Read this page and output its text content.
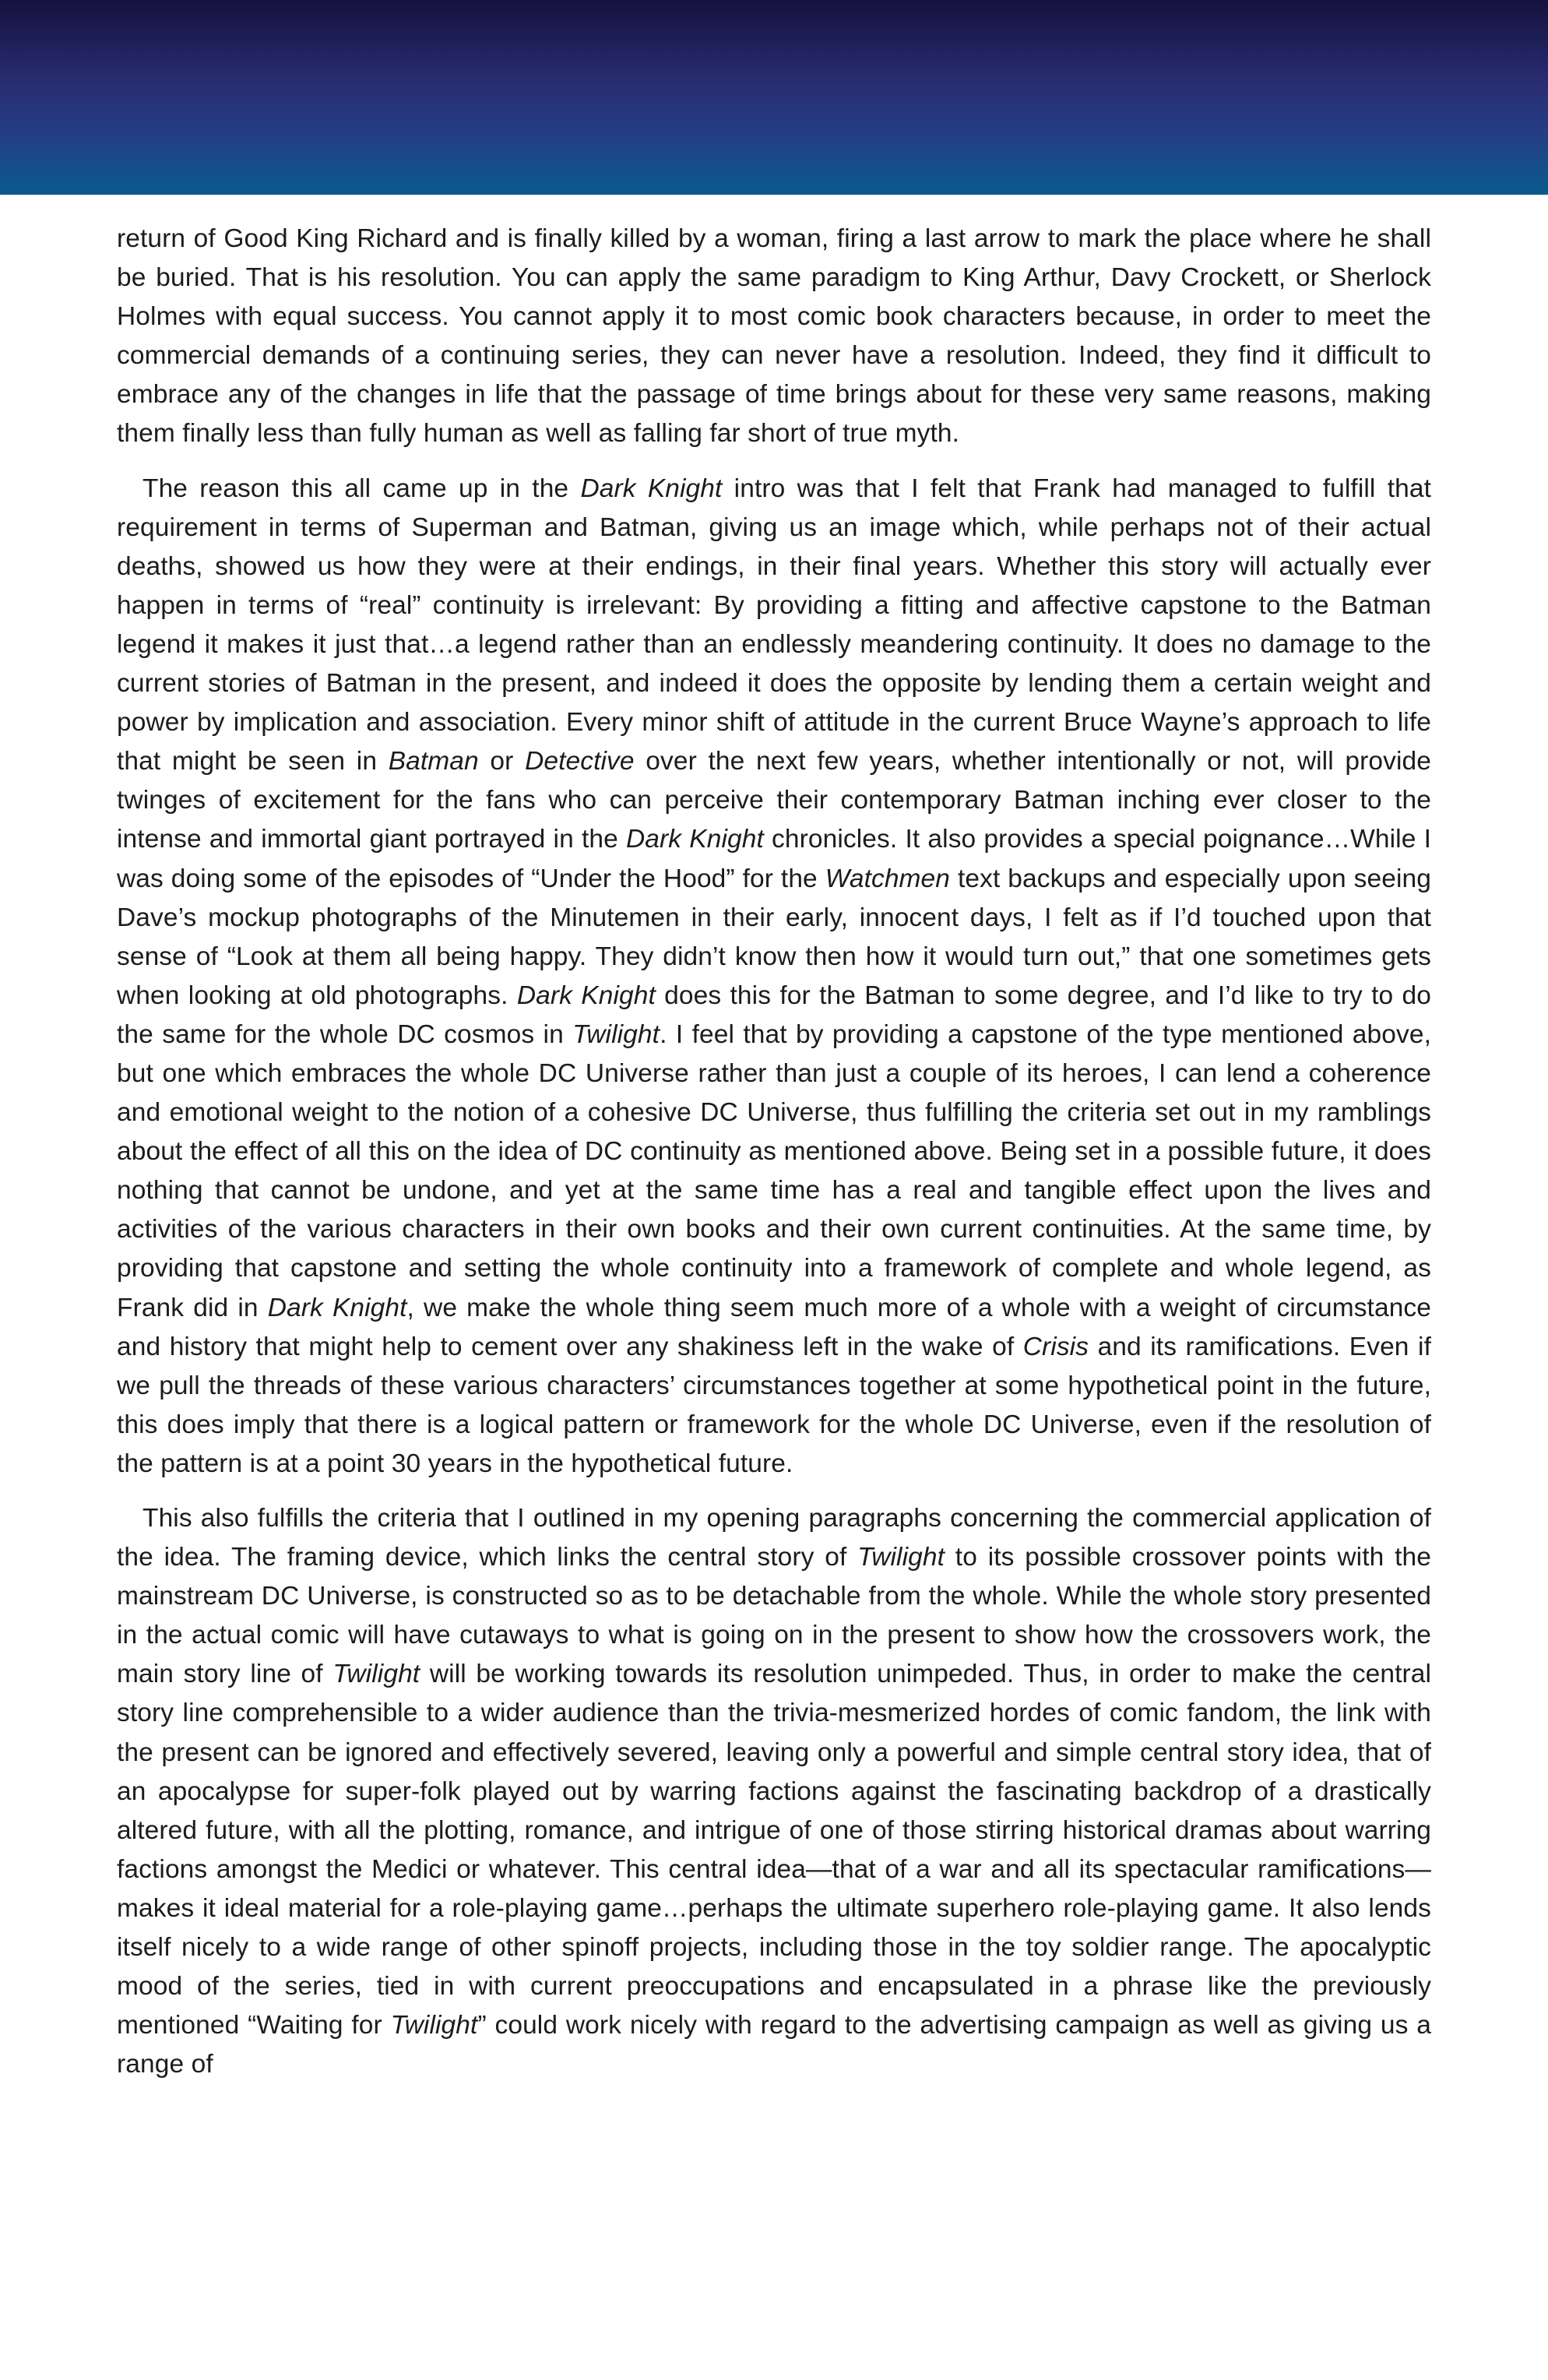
return of Good King Richard and is finally killed by a woman, firing a last arrow to mark the place where he shall be buried. That is his resolution. You can apply the same paradigm to King Arthur, Davy Crockett, or Sherlock Holmes with equal success. You cannot apply it to most comic book characters because, in order to meet the commercial demands of a continuing series, they can never have a resolution. Indeed, they find it difficult to embrace any of the changes in life that the passage of time brings about for these very same reasons, making them finally less than fully human as well as falling far short of true myth.

The reason this all came up in the Dark Knight intro was that I felt that Frank had managed to fulfill that requirement in terms of Superman and Batman, giving us an image which, while perhaps not of their actual deaths, showed us how they were at their endings, in their final years. Whether this story will actually ever happen in terms of “real” continuity is irrelevant: By providing a fitting and affective capstone to the Batman legend it makes it just that…a legend rather than an endlessly meandering continuity. It does no damage to the current stories of Batman in the present, and indeed it does the opposite by lending them a certain weight and power by implication and association. Every minor shift of attitude in the current Bruce Wayne’s approach to life that might be seen in Batman or Detective over the next few years, whether intentionally or not, will provide twinges of excitement for the fans who can perceive their contemporary Batman inching ever closer to the intense and immortal giant portrayed in the Dark Knight chronicles. It also provides a special poignance…While I was doing some of the episodes of “Under the Hood” for the Watchmen text backups and especially upon seeing Dave’s mockup photographs of the Minutemen in their early, innocent days, I felt as if I’d touched upon that sense of “Look at them all being happy. They didn’t know then how it would turn out,” that one sometimes gets when looking at old photographs. Dark Knight does this for the Batman to some degree, and I’d like to try to do the same for the whole DC cosmos in Twilight. I feel that by providing a capstone of the type mentioned above, but one which embraces the whole DC Universe rather than just a couple of its heroes, I can lend a coherence and emotional weight to the notion of a cohesive DC Universe, thus fulfilling the criteria set out in my ramblings about the effect of all this on the idea of DC continuity as mentioned above. Being set in a possible future, it does nothing that cannot be undone, and yet at the same time has a real and tangible effect upon the lives and activities of the various characters in their own books and their own current continuities. At the same time, by providing that capstone and setting the whole continuity into a framework of complete and whole legend, as Frank did in Dark Knight, we make the whole thing seem much more of a whole with a weight of circumstance and history that might help to cement over any shakiness left in the wake of Crisis and its ramifications. Even if we pull the threads of these various characters’ circumstances together at some hypothetical point in the future, this does imply that there is a logical pattern or framework for the whole DC Universe, even if the resolution of the pattern is at a point 30 years in the hypothetical future.

This also fulfills the criteria that I outlined in my opening paragraphs concerning the commercial application of the idea. The framing device, which links the central story of Twilight to its possible crossover points with the mainstream DC Universe, is constructed so as to be detachable from the whole. While the whole story presented in the actual comic will have cutaways to what is going on in the present to show how the crossovers work, the main story line of Twilight will be working towards its resolution unimpeded. Thus, in order to make the central story line comprehensible to a wider audience than the trivia-mesmerized hordes of comic fandom, the link with the present can be ignored and effectively severed, leaving only a powerful and simple central story idea, that of an apocalypse for super-folk played out by warring factions against the fascinating backdrop of a drastically altered future, with all the plotting, romance, and intrigue of one of those stirring historical dramas about warring factions amongst the Medici or whatever. This central idea—that of a war and all its spectacular ramifications—makes it ideal material for a role-playing game…perhaps the ultimate superhero role-playing game. It also lends itself nicely to a wide range of other spinoff projects, including those in the toy soldier range. The apocalyptic mood of the series, tied in with current preoccupations and encapsulated in a phrase like the previously mentioned “Waiting for Twilight” could work nicely with regard to the advertising campaign as well as giving us a range of
